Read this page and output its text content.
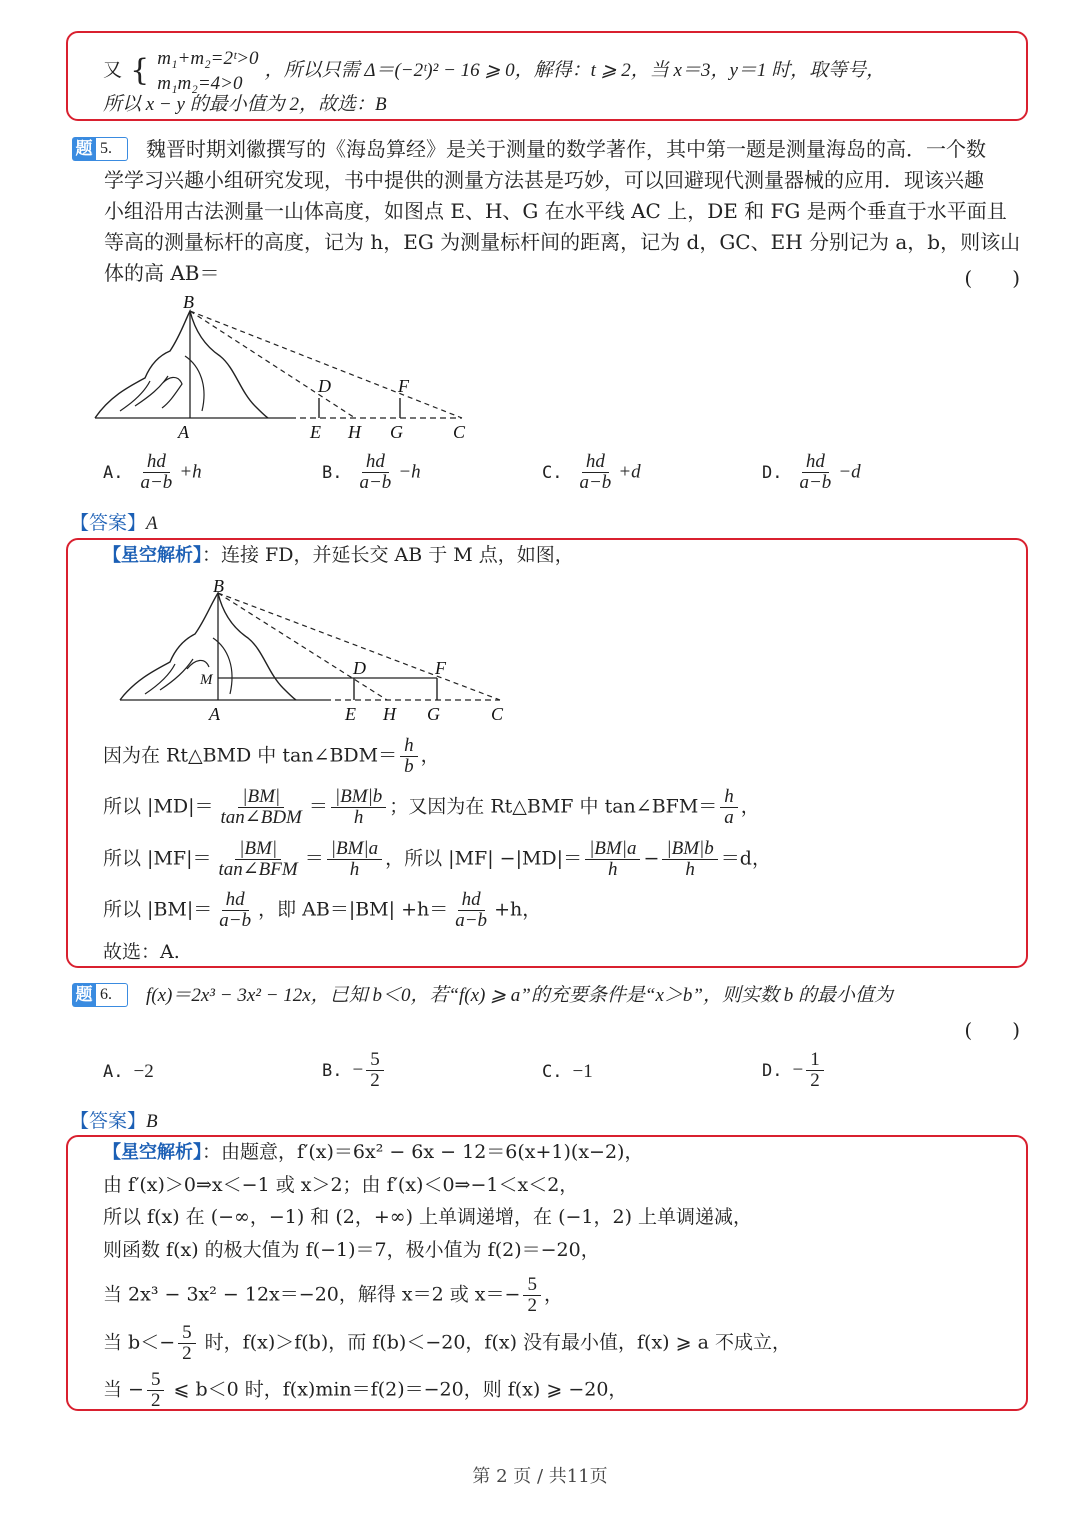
又 { m₁+m₂=2ᵗ>0
m₁m₂=4>0
，所以只需 Δ＝(−2ᵗ)² − 16 ⩾ 0，解得：t ⩾ 2，当 x＝3，y＝1 时，取等号，
所以 x − y 的最小值为 2，故选：B
题 5.	魏晋时期刘徽撰写的《海岛算经》是关于测量的数学著作，其中第一题是测量海岛的高．一个数
学学习兴趣小组研究发现，书中提供的测量方法甚是巧妙，可以回避现代测量器械的应用．现该兴趣
小组沿用古法测量一山体高度，如图点 E、H、G 在水平线 AC 上，DE 和 FG 是两个垂直于水平面且
等高的测量标杆的高度，记为 h，EG 为测量标杆间的距离，记为 d，GC、EH 分别记为 a，b，则该山
体的高 AB＝	(　　)
B
D	F
A	E H G	C
A. $\frac{hd}{a-b} +h$	B. $\frac{hd}{a-b} -h$	C. $\frac{hd}{a-b} +d$	D. $\frac{hd}{a-b} -d$
【答案】A
【星空解析】：连接 FD，并延长交 AB 于 M 点，如图，
B
D	F
M
A	E H G	C
因为在 Rt△BMD 中 tan∠BDM＝ $\frac{h}{b}$ ，
所以 $|MD|= \frac{|BM|}{\text{tan∠BDM}} = \frac{|BM|b}{h}$ ；又因为在 Rt△BMF 中 tan∠BFM＝ $\frac{h}{a}$ ，
所以 $|MF|= \frac{|BM|}{\text{tan∠BFM}} = \frac{|BM|a}{h}$ ，所以 $|MF| -|MD|= \frac{|BM|a}{h} - \frac{|BM|b}{h} =d$，
所以 $|BM|= \frac{hd}{a-b}$ ，即 $AB=|BM| +h= \frac{hd}{a-b} +h$，
故选：A.
题 6.	f(x)＝2x³ − 3x² − 12x，已知 b＜0，若“f(x) ⩾ a”的充要条件是“x＞b”，则实数 b 的最小值为
(　　)
A. −2	B. − $\frac{5}{2}$	C. −1	D. − $\frac{1}{2}$
【答案】B
【星空解析】：由题意，f′(x)＝6x² − 6x − 12＝6(x+1)(x−2)，
由 f′(x)＞0⇒x＜−1 或 x＞2；由 f′(x)＜0⇒−1＜x＜2，
所以 f(x) 在 (−∞，−1) 和 (2，+∞) 上单调递增，在 (−1，2) 上单调递减，
则函数 f(x) 的极大值为 f(−1)＝7，极小值为 f(2)＝−20，
当 2x³ − 3x² − 12x＝−20，解得 x＝2 或 $x=- \frac{5}{2}$ ，
当 $b<- \frac{5}{2}$ 时，f(x)＞f(b)，而 f(b)＜−20，f(x) 没有最小值，f(x) ⩾ a 不成立，
当 − $\frac{5}{2}$ ⩽ b＜0 时，f(x)min＝f(2)＝−20，则 f(x) ⩾ −20，
第 2 页 / 共11页
